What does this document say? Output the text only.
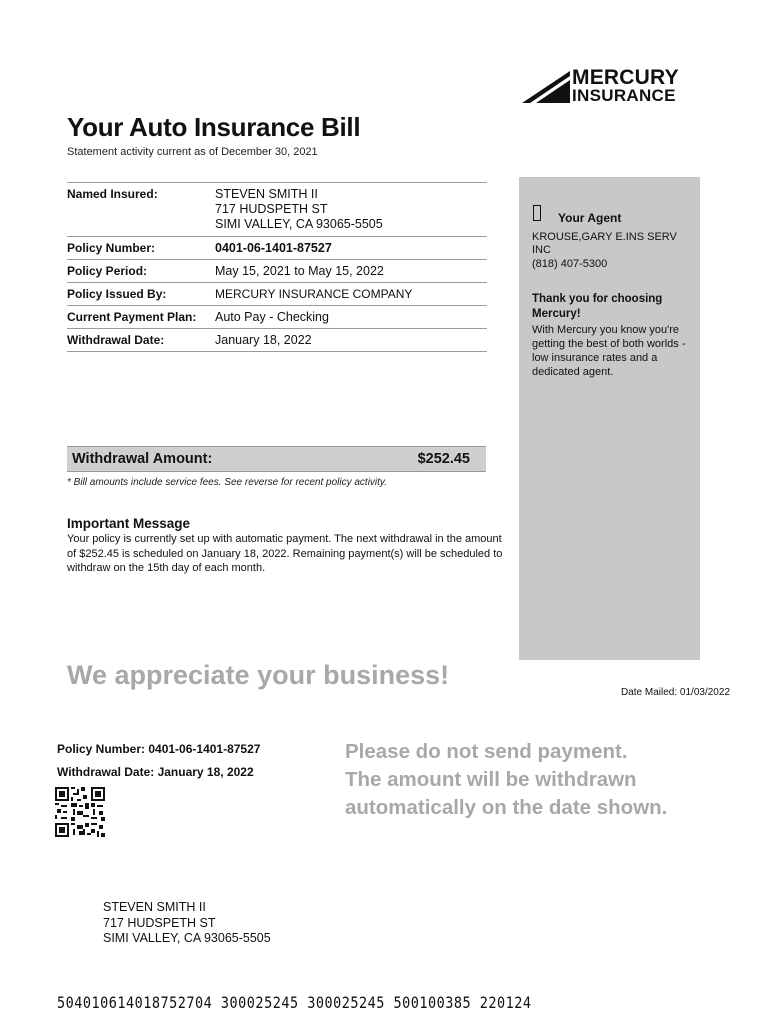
MERCURY
INSURANCE
Your Auto Insurance Bill
Statement activity current as of December 30, 2021
Named Insured:	STEVEN SMITH II
717 HUDSPETH ST
SIMI VALLEY, CA 93065-5505
Policy Number:	0401-06-1401-87527
Policy Period:	May 15, 2021 to May 15, 2022
Policy Issued By:	MERCURY INSURANCE COMPANY
Current Payment Plan:	Auto Pay - Checking
Withdrawal Date:	January 18, 2022
Your Agent
KROUSE,GARY E.INS SERV INC
(818) 407-5300
Thank you for choosing Mercury!
With Mercury you know you're getting the best of both worlds - low insurance rates and a dedicated agent.
Withdrawal Amount:	$252.45
* Bill amounts include service fees. See reverse for recent policy activity.
Important Message
Your policy is currently set up with automatic payment. The next withdrawal in the amount of $252.45 is scheduled on January 18, 2022. Remaining payment(s) will be scheduled to withdraw on the 15th day of each month.
We appreciate your business!
Date Mailed: 01/03/2022
Policy Number: 0401-06-1401-87527
Withdrawal Date: January 18, 2022
Please do not send payment.
The amount will be withdrawn
automatically on the date shown.
STEVEN SMITH II
717 HUDSPETH ST
SIMI VALLEY, CA 93065-5505
504010614018752704 300025245 300025245 500100385 220124
